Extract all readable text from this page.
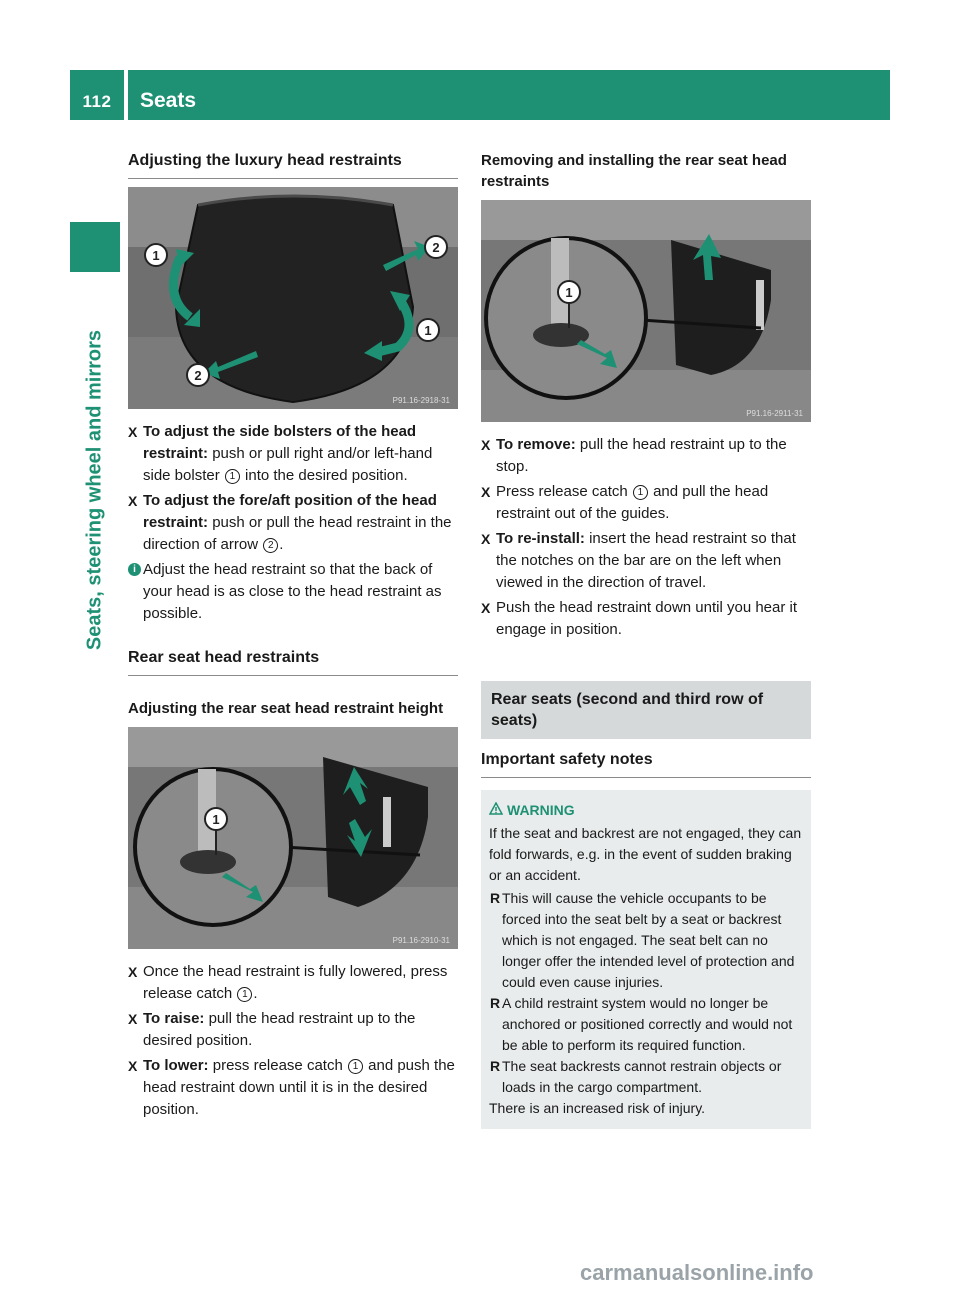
112	Seats
Seats, steering wheel and mirrors
Adjusting the luxury head restraints
1
2
1
2
P91.16-2918-31
X To adjust the side bolsters of the head restraint: push or pull right and/or left-hand side bolster 1 into the desired position.
X To adjust the fore/aft position of the head restraint: push or pull the head restraint in the direction of arrow 2 .
i Adjust the head restraint so that the back of your head is as close to the head restraint as possible.
Rear seat head restraints
Adjusting the rear seat head restraint height
1
P91.16-2910-31
X Once the head restraint is fully lowered, press release catch 1 .
X To raise: pull the head restraint up to the desired position.
X To lower: press release catch 1 and push the head restraint down until it is in the desired position.
Removing and installing the rear seat head restraints
1
P91.16-2911-31
X To remove: pull the head restraint up to the stop.
X Press release catch 1 and pull the head restraint out of the guides.
X To re-install: insert the head restraint so that the notches on the bar are on the left when viewed in the direction of travel.
X Push the head restraint down until you hear it engage in position.
Rear seats (second and third row of seats)
Important safety notes
WARNING
If the seat and backrest are not engaged, they can fold forwards, e.g. in the event of sudden braking or an accident.
R This will cause the vehicle occupants to be forced into the seat belt by a seat or backrest which is not engaged. The seat belt can no longer offer the intended level of protection and could even cause injuries.
R A child restraint system would no longer be anchored or positioned correctly and would not be able to perform its required function.
R The seat backrests cannot restrain objects or loads in the cargo compartment.
There is an increased risk of injury.
carmanualsonline.info
